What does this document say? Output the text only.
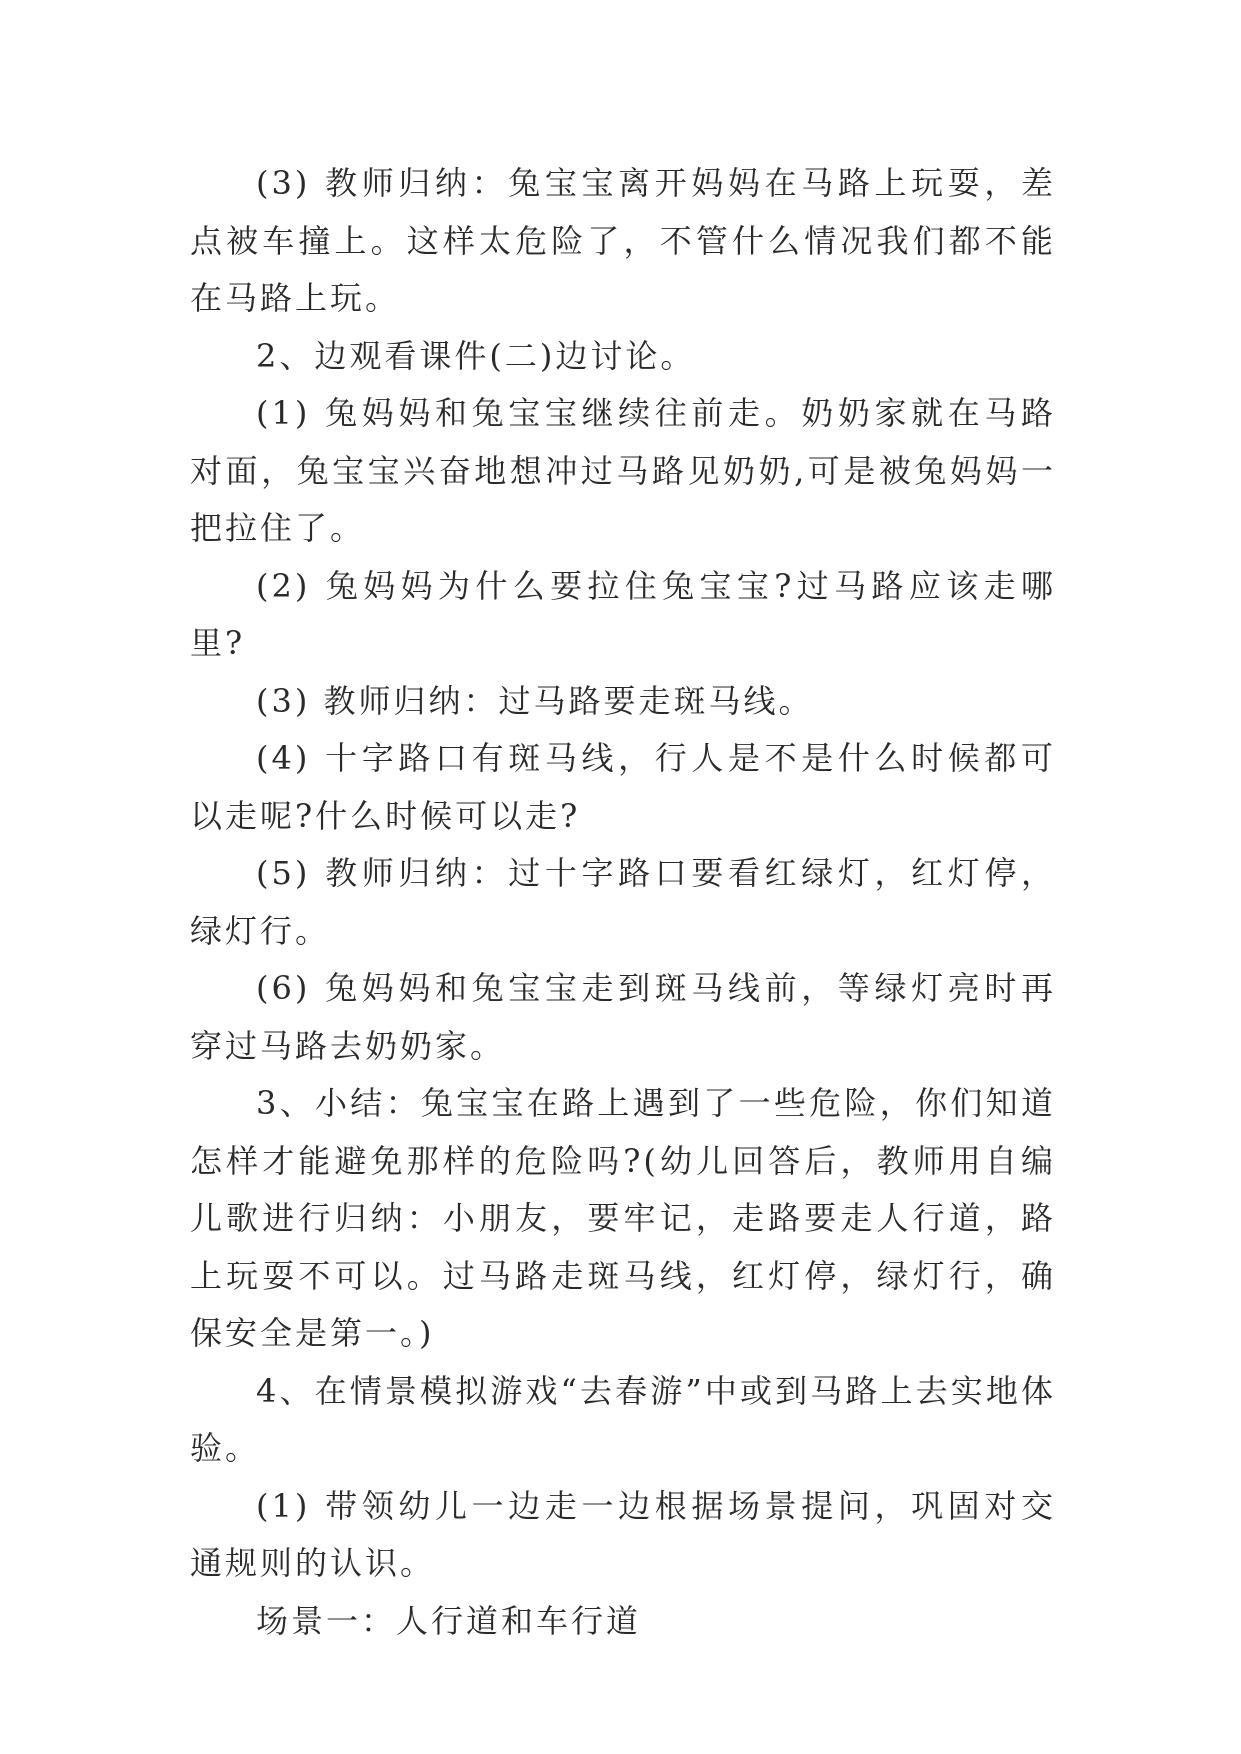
(3) 教师归纳：兔宝宝离开妈妈在马路上玩耍，差点被车撞上。这样太危险了，不管什么情况我们都不能在马路上玩。

2、边观看课件(二)边讨论。

(1) 兔妈妈和兔宝宝继续往前走。奶奶家就在马路对面，兔宝宝兴奋地想冲过马路见奶奶,可是被兔妈妈一把拉住了。

(2) 兔妈妈为什么要拉住兔宝宝?过马路应该走哪里?

(3) 教师归纳：过马路要走斑马线。

(4) 十字路口有斑马线，行人是不是什么时候都可以走呢?什么时候可以走?

(5) 教师归纳：过十字路口要看红绿灯，红灯停，绿灯行。

(6) 兔妈妈和兔宝宝走到斑马线前，等绿灯亮时再穿过马路去奶奶家。

3、小结：兔宝宝在路上遇到了一些危险，你们知道怎样才能避免那样的危险吗?(幼儿回答后，教师用自编儿歌进行归纳：小朋友，要牢记，走路要走人行道，路上玩耍不可以。过马路走斑马线，红灯停，绿灯行，确保安全是第一。)

4、在情景模拟游戏“去春游”中或到马路上去实地体验。

(1) 带领幼儿一边走一边根据场景提问，巩固对交通规则的认识。

场景一：人行道和车行道
